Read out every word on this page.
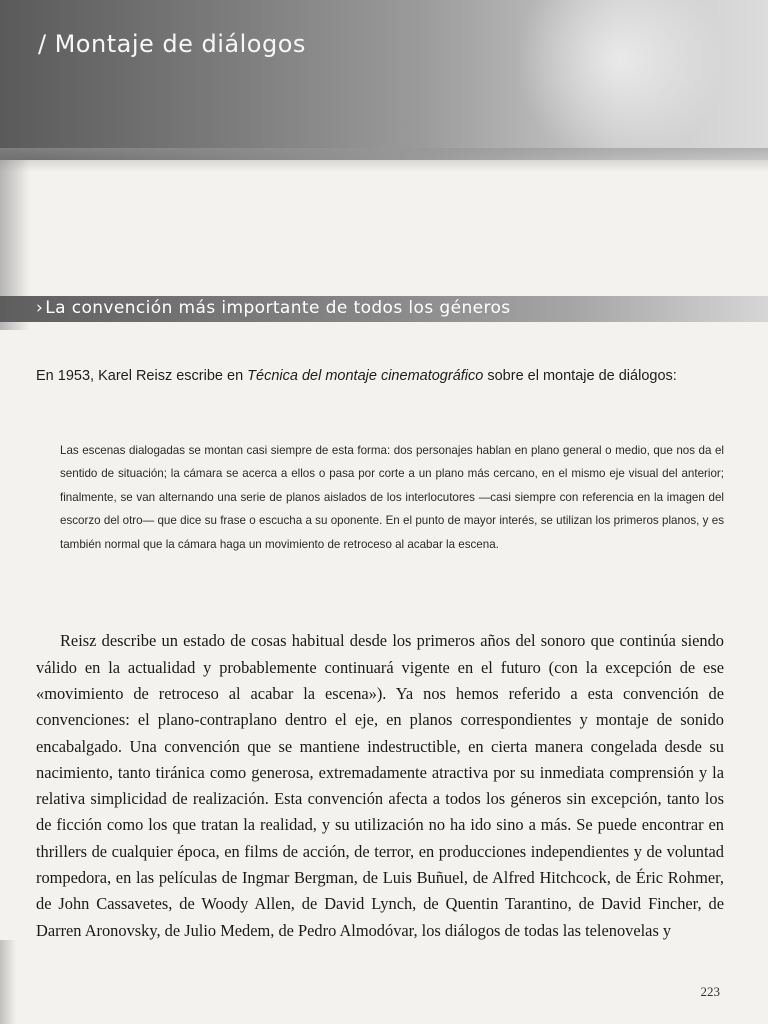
/ Montaje de diálogos
› La convención más importante de todos los géneros

En 1953, Karel Reisz escribe en Técnica del montaje cinematográfico sobre el montaje de diálogos:

Las escenas dialogadas se montan casi siempre de esta forma: dos personajes hablan en plano general o medio, que nos da el sentido de situación; la cámara se acerca a ellos o pasa por corte a un plano más cercano, en el mismo eje visual del anterior; finalmente, se van alternando una serie de planos aislados de los interlocutores —casi siempre con referencia en la imagen del escorzo del otro— que dice su frase o escucha a su oponente. En el punto de mayor interés, se utilizan los primeros planos, y es también normal que la cámara haga un movimiento de retroceso al acabar la escena.

Reisz describe un estado de cosas habitual desde los primeros años del sonoro que continúa siendo válido en la actualidad y probablemente continuará vigente en el futuro (con la excepción de ese «movimiento de retroceso al acabar la escena»). Ya nos hemos referido a esta convención de convenciones: el plano-contraplano dentro el eje, en planos correspondientes y montaje de sonido encabalgado. Una convención que se mantiene indestructible, en cierta manera congelada desde su nacimiento, tanto tiránica como generosa, extremadamente atractiva por su inmediata comprensión y la relativa simplicidad de realización. Esta convención afecta a todos los géneros sin excepción, tanto los de ficción como los que tratan la realidad, y su utilización no ha ido sino a más. Se puede encontrar en thrillers de cualquier época, en films de acción, de terror, en producciones independientes y de voluntad rompedora, en las películas de Ingmar Bergman, de Luis Buñuel, de Alfred Hitchcock, de Éric Rohmer, de John Cassavetes, de Woody Allen, de David Lynch, de Quentin Tarantino, de David Fincher, de Darren Aronovsky, de Julio Medem, de Pedro Almodóvar, los diálogos de todas las telenovelas y

223
